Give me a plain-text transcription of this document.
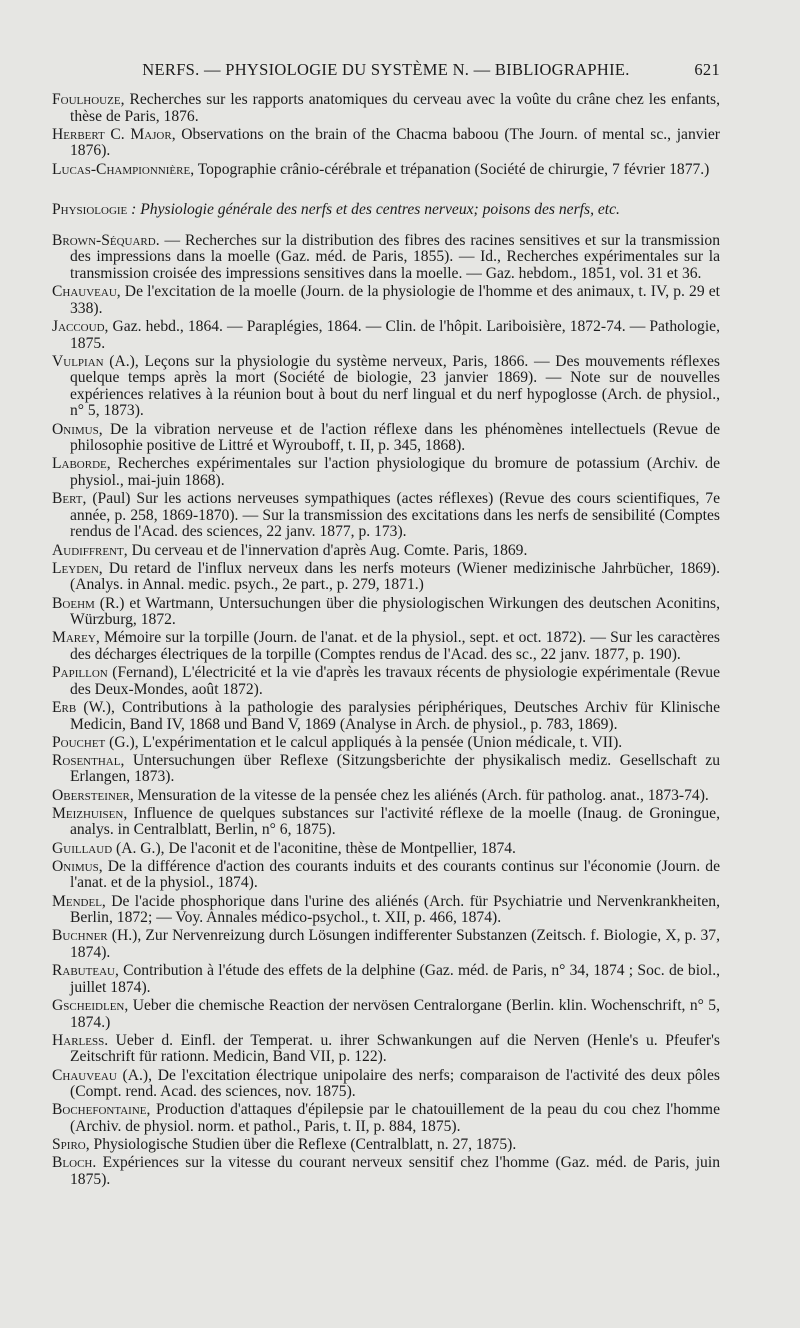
NERFS. — PHYSIOLOGIE DU SYSTÈME N. — BIBLIOGRAPHIE.	621

Foulhouze, Recherches sur les rapports anatomiques du cerveau avec la voûte du crâne chez les enfants, thèse de Paris, 1876.

Herbert C. Major, Observations on the brain of the Chacma baboou (The Journ. of mental sc., janvier 1876).

Lucas-Championnière, Topographie crânio-cérébrale et trépanation (Société de chirurgie, 7 février 1877.)

Physiologie : Physiologie générale des nerfs et des centres nerveux; poisons des nerfs, etc.

Brown-Séquard. — Recherches sur la distribution des fibres des racines sensitives et sur la transmission des impressions dans la moelle (Gaz. méd. de Paris, 1855). — Id., Recherches expérimentales sur la transmission croisée des impressions sensitives dans la moelle. — Gaz. hebdom., 1851, vol. 31 et 36.

Chauveau, De l'excitation de la moelle (Journ. de la physiologie de l'homme et des animaux, t. IV, p. 29 et 338).

Jaccoud, Gaz. hebd., 1864. — Paraplégies, 1864. — Clin. de l'hôpit. Lariboisière, 1872-74. — Pathologie, 1875.

Vulpian (A.), Leçons sur la physiologie du système nerveux, Paris, 1866. — Des mouvements réflexes quelque temps après la mort (Société de biologie, 23 janvier 1869). — Note sur de nouvelles expériences relatives à la réunion bout à bout du nerf lingual et du nerf hypoglosse (Arch. de physiol., n° 5, 1873).

Onimus, De la vibration nerveuse et de l'action réflexe dans les phénomènes intellectuels (Revue de philosophie positive de Littré et Wyrouboff, t. II, p. 345, 1868).

Laborde, Recherches expérimentales sur l'action physiologique du bromure de potassium (Archiv. de physiol., mai-juin 1868).

Bert, (Paul) Sur les actions nerveuses sympathiques (actes réflexes) (Revue des cours scientifiques, 7e année, p. 258, 1869-1870). — Sur la transmission des excitations dans les nerfs de sensibilité (Comptes rendus de l'Acad. des sciences, 22 janv. 1877, p. 173).

Audiffrent, Du cerveau et de l'innervation d'après Aug. Comte. Paris, 1869.

Leyden, Du retard de l'influx nerveux dans les nerfs moteurs (Wiener medizinische Jahrbücher, 1869). (Analys. in Annal. medic. psych., 2e part., p. 279, 1871.)

Boehm (R.) et Wartmann, Untersuchungen über die physiologischen Wirkungen des deutschen Aconitins, Würzburg, 1872.

Marey, Mémoire sur la torpille (Journ. de l'anat. et de la physiol., sept. et oct. 1872). — Sur les caractères des décharges électriques de la torpille (Comptes rendus de l'Acad. des sc., 22 janv. 1877, p. 190).

Papillon (Fernand), L'électricité et la vie d'après les travaux récents de physiologie expérimentale (Revue des Deux-Mondes, août 1872).

Erb (W.), Contributions à la pathologie des paralysies périphériques, Deutsches Archiv für Klinische Medicin, Band IV, 1868 und Band V, 1869 (Analyse in Arch. de physiol., p. 783, 1869).

Pouchet (G.), L'expérimentation et le calcul appliqués à la pensée (Union médicale, t. VII).

Rosenthal, Untersuchungen über Reflexe (Sitzungsberichte der physikalisch mediz. Gesellschaft zu Erlangen, 1873).

Obersteiner, Mensuration de la vitesse de la pensée chez les aliénés (Arch. für patholog. anat., 1873-74).

Meizhuisen, Influence de quelques substances sur l'activité réflexe de la moelle (Inaug. de Groningue, analys. in Centralblatt, Berlin, n° 6, 1875).

Guillaud (A. G.), De l'aconit et de l'aconitine, thèse de Montpellier, 1874.

Onimus, De la différence d'action des courants induits et des courants continus sur l'économie (Journ. de l'anat. et de la physiol., 1874).

Mendel, De l'acide phosphorique dans l'urine des aliénés (Arch. für Psychiatrie und Nervenkrankheiten, Berlin, 1872; — Voy. Annales médico-psychol., t. XII, p. 466, 1874).

Buchner (H.), Zur Nervenreizung durch Lösungen indifferenter Substanzen (Zeitsch. f. Biologie, X, p. 37, 1874).

Rabuteau, Contribution à l'étude des effets de la delphine (Gaz. méd. de Paris, n° 34, 1874 ; Soc. de biol., juillet 1874).

Gscheidlen, Ueber die chemische Reaction der nervösen Centralorgane (Berlin. klin. Wochenschrift, n° 5, 1874.)

Harless. Ueber d. Einfl. der Temperat. u. ihrer Schwankungen auf die Nerven (Henle's u. Pfeufer's Zeitschrift für rationn. Medicin, Band VII, p. 122).

Chauveau (A.), De l'excitation électrique unipolaire des nerfs; comparaison de l'activité des deux pôles (Compt. rend. Acad. des sciences, nov. 1875).

Bochefontaine, Production d'attaques d'épilepsie par le chatouillement de la peau du cou chez l'homme (Archiv. de physiol. norm. et pathol., Paris, t. II, p. 884, 1875).

Spiro, Physiologische Studien über die Reflexe (Centralblatt, n. 27, 1875).

Bloch. Expériences sur la vitesse du courant nerveux sensitif chez l'homme (Gaz. méd. de Paris, juin 1875).
